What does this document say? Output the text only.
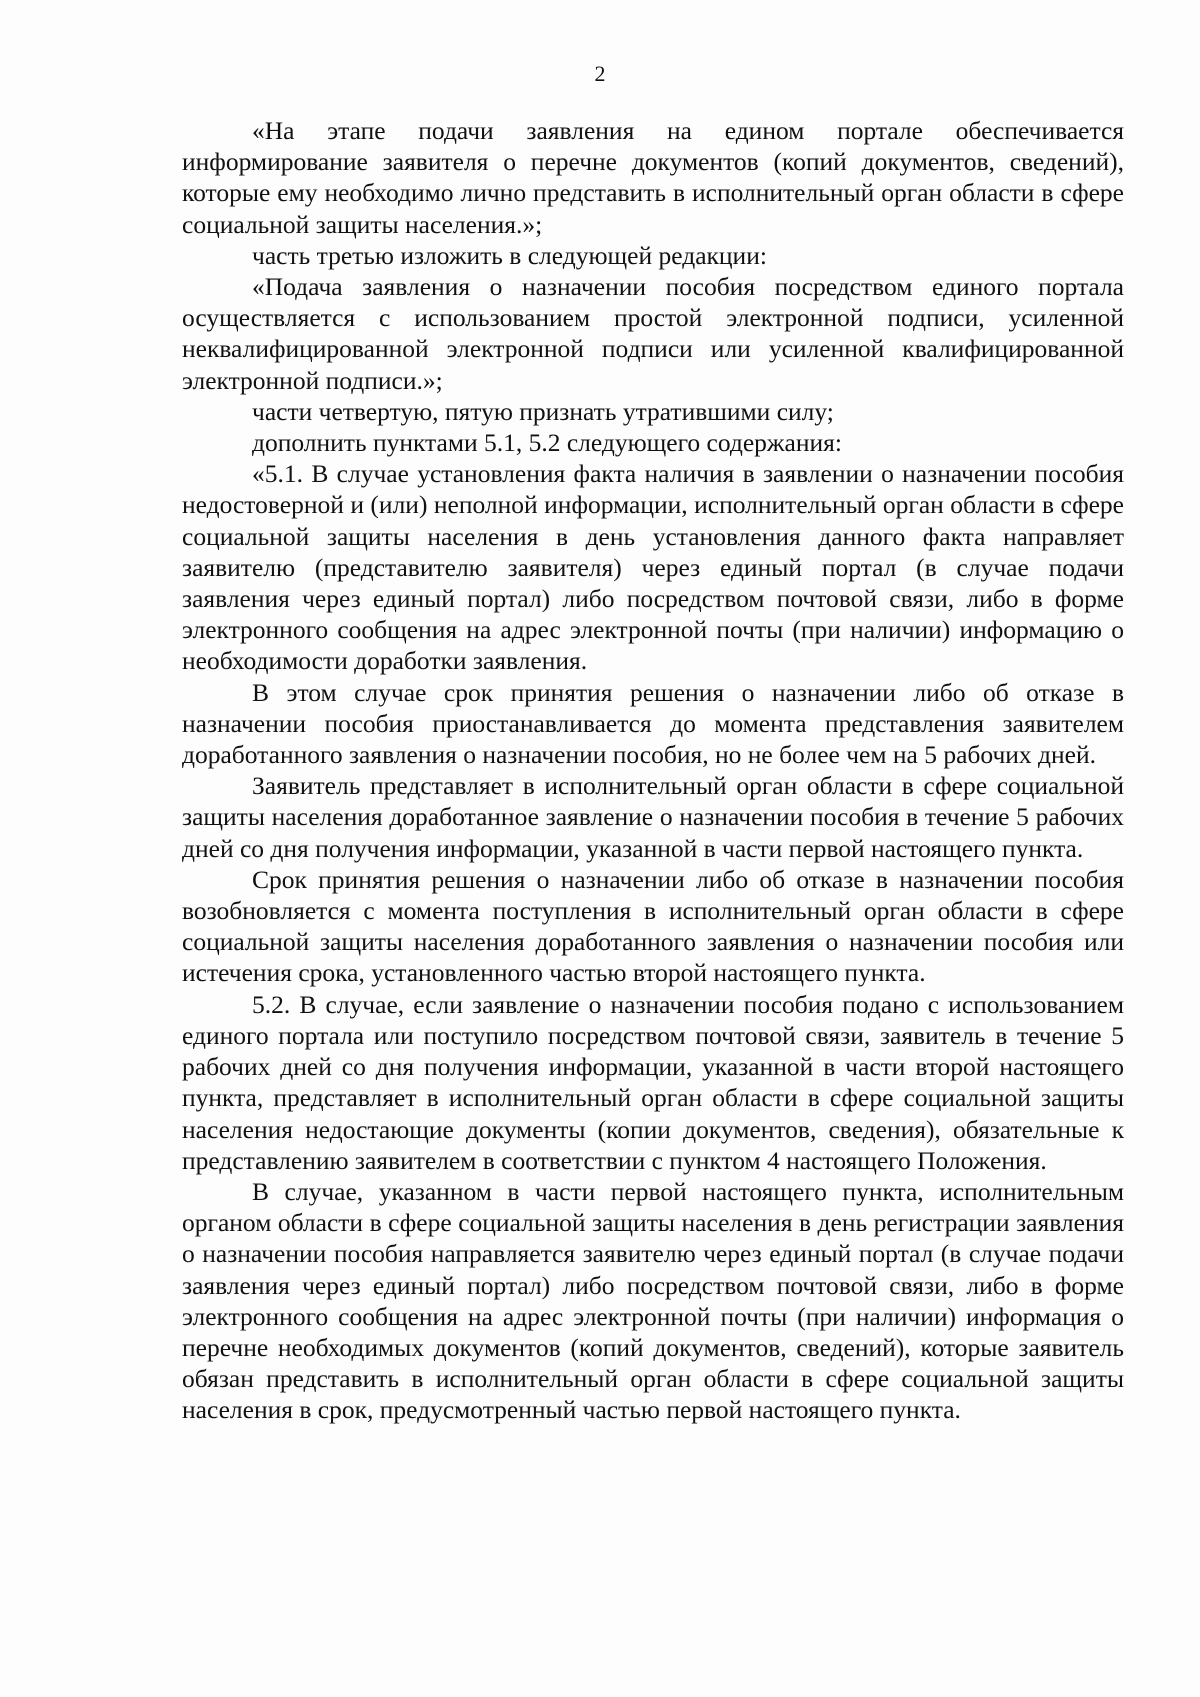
2

«На этапе подачи заявления на едином портале обеспечивается информирование заявителя о перечне документов (копий документов, сведений), которые ему необходимо лично представить в исполнительный орган области в сфере социальной защиты населения.»;

часть третью изложить в следующей редакции:

«Подача заявления о назначении пособия посредством единого портала осуществляется с использованием простой электронной подписи, усиленной неквалифицированной электронной подписи или усиленной квалифицированной электронной подписи.»;

части четвертую, пятую признать утратившими силу;

дополнить пунктами 5.1, 5.2 следующего содержания:

«5.1. В случае установления факта наличия в заявлении о назначении пособия недостоверной и (или) неполной информации, исполнительный орган области в сфере социальной защиты населения в день установления данного факта направляет заявителю (представителю заявителя) через единый портал (в случае подачи заявления через единый портал) либо посредством почтовой связи, либо в форме электронного сообщения на адрес электронной почты (при наличии) информацию о необходимости доработки заявления.

В этом случае срок принятия решения о назначении либо об отказе в назначении пособия приостанавливается до момента представления заявителем доработанного заявления о назначении пособия, но не более чем на 5 рабочих дней.

Заявитель представляет в исполнительный орган области в сфере социальной защиты населения доработанное заявление о назначении пособия в течение 5 рабочих дней со дня получения информации, указанной в части первой настоящего пункта.

Срок принятия решения о назначении либо об отказе в назначении пособия возобновляется с момента поступления в исполнительный орган области в сфере социальной защиты населения доработанного заявления о назначении пособия или истечения срока, установленного частью второй настоящего пункта.

5.2. В случае, если заявление о назначении пособия подано с использованием единого портала или поступило посредством почтовой связи, заявитель в течение 5 рабочих дней со дня получения информации, указанной в части второй настоящего пункта, представляет в исполнительный орган области в сфере социальной защиты населения недостающие документы (копии документов, сведения), обязательные к представлению заявителем в соответствии с пунктом 4 настоящего Положения.

В случае, указанном в части первой настоящего пункта, исполнительным органом области в сфере социальной защиты населения в день регистрации заявления о назначении пособия направляется заявителю через единый портал (в случае подачи заявления через единый портал) либо посредством почтовой связи, либо в форме электронного сообщения на адрес электронной почты (при наличии) информация о перечне необходимых документов (копий документов, сведений), которые заявитель обязан представить в исполнительный орган области в сфере социальной защиты населения в срок, предусмотренный частью первой настоящего пункта.
